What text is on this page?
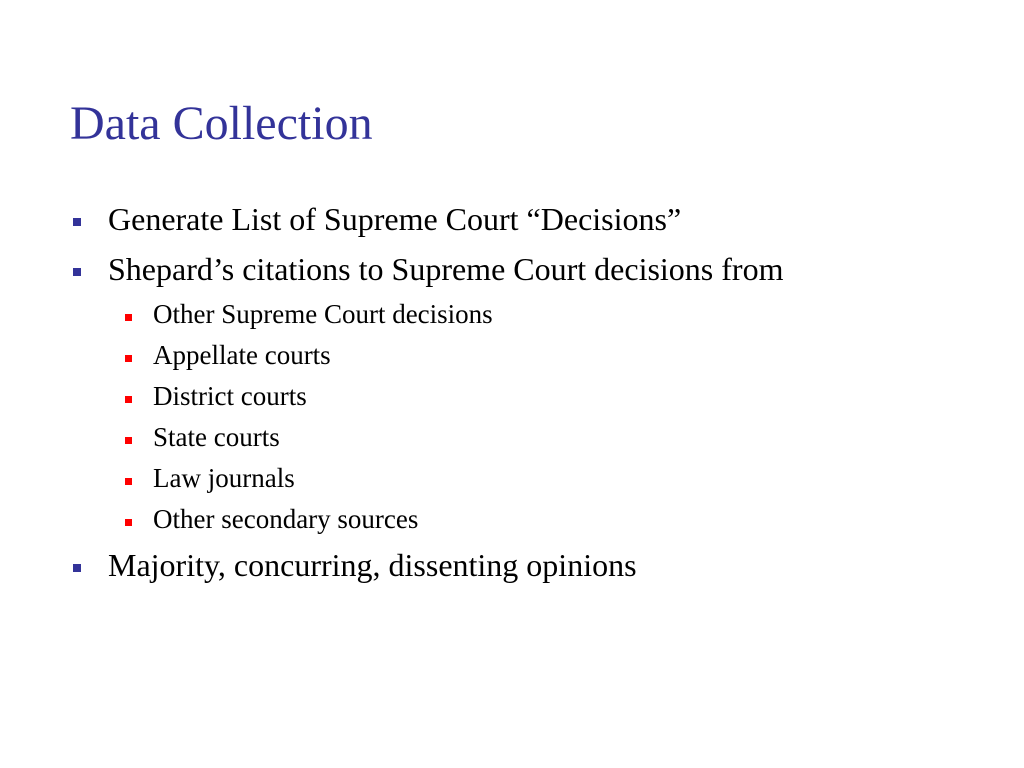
Data Collection
Generate List of Supreme Court “Decisions”
Shepard’s citations to Supreme Court decisions from
Other Supreme Court decisions
Appellate courts
District courts
State courts
Law journals
Other secondary sources
Majority, concurring, dissenting opinions
